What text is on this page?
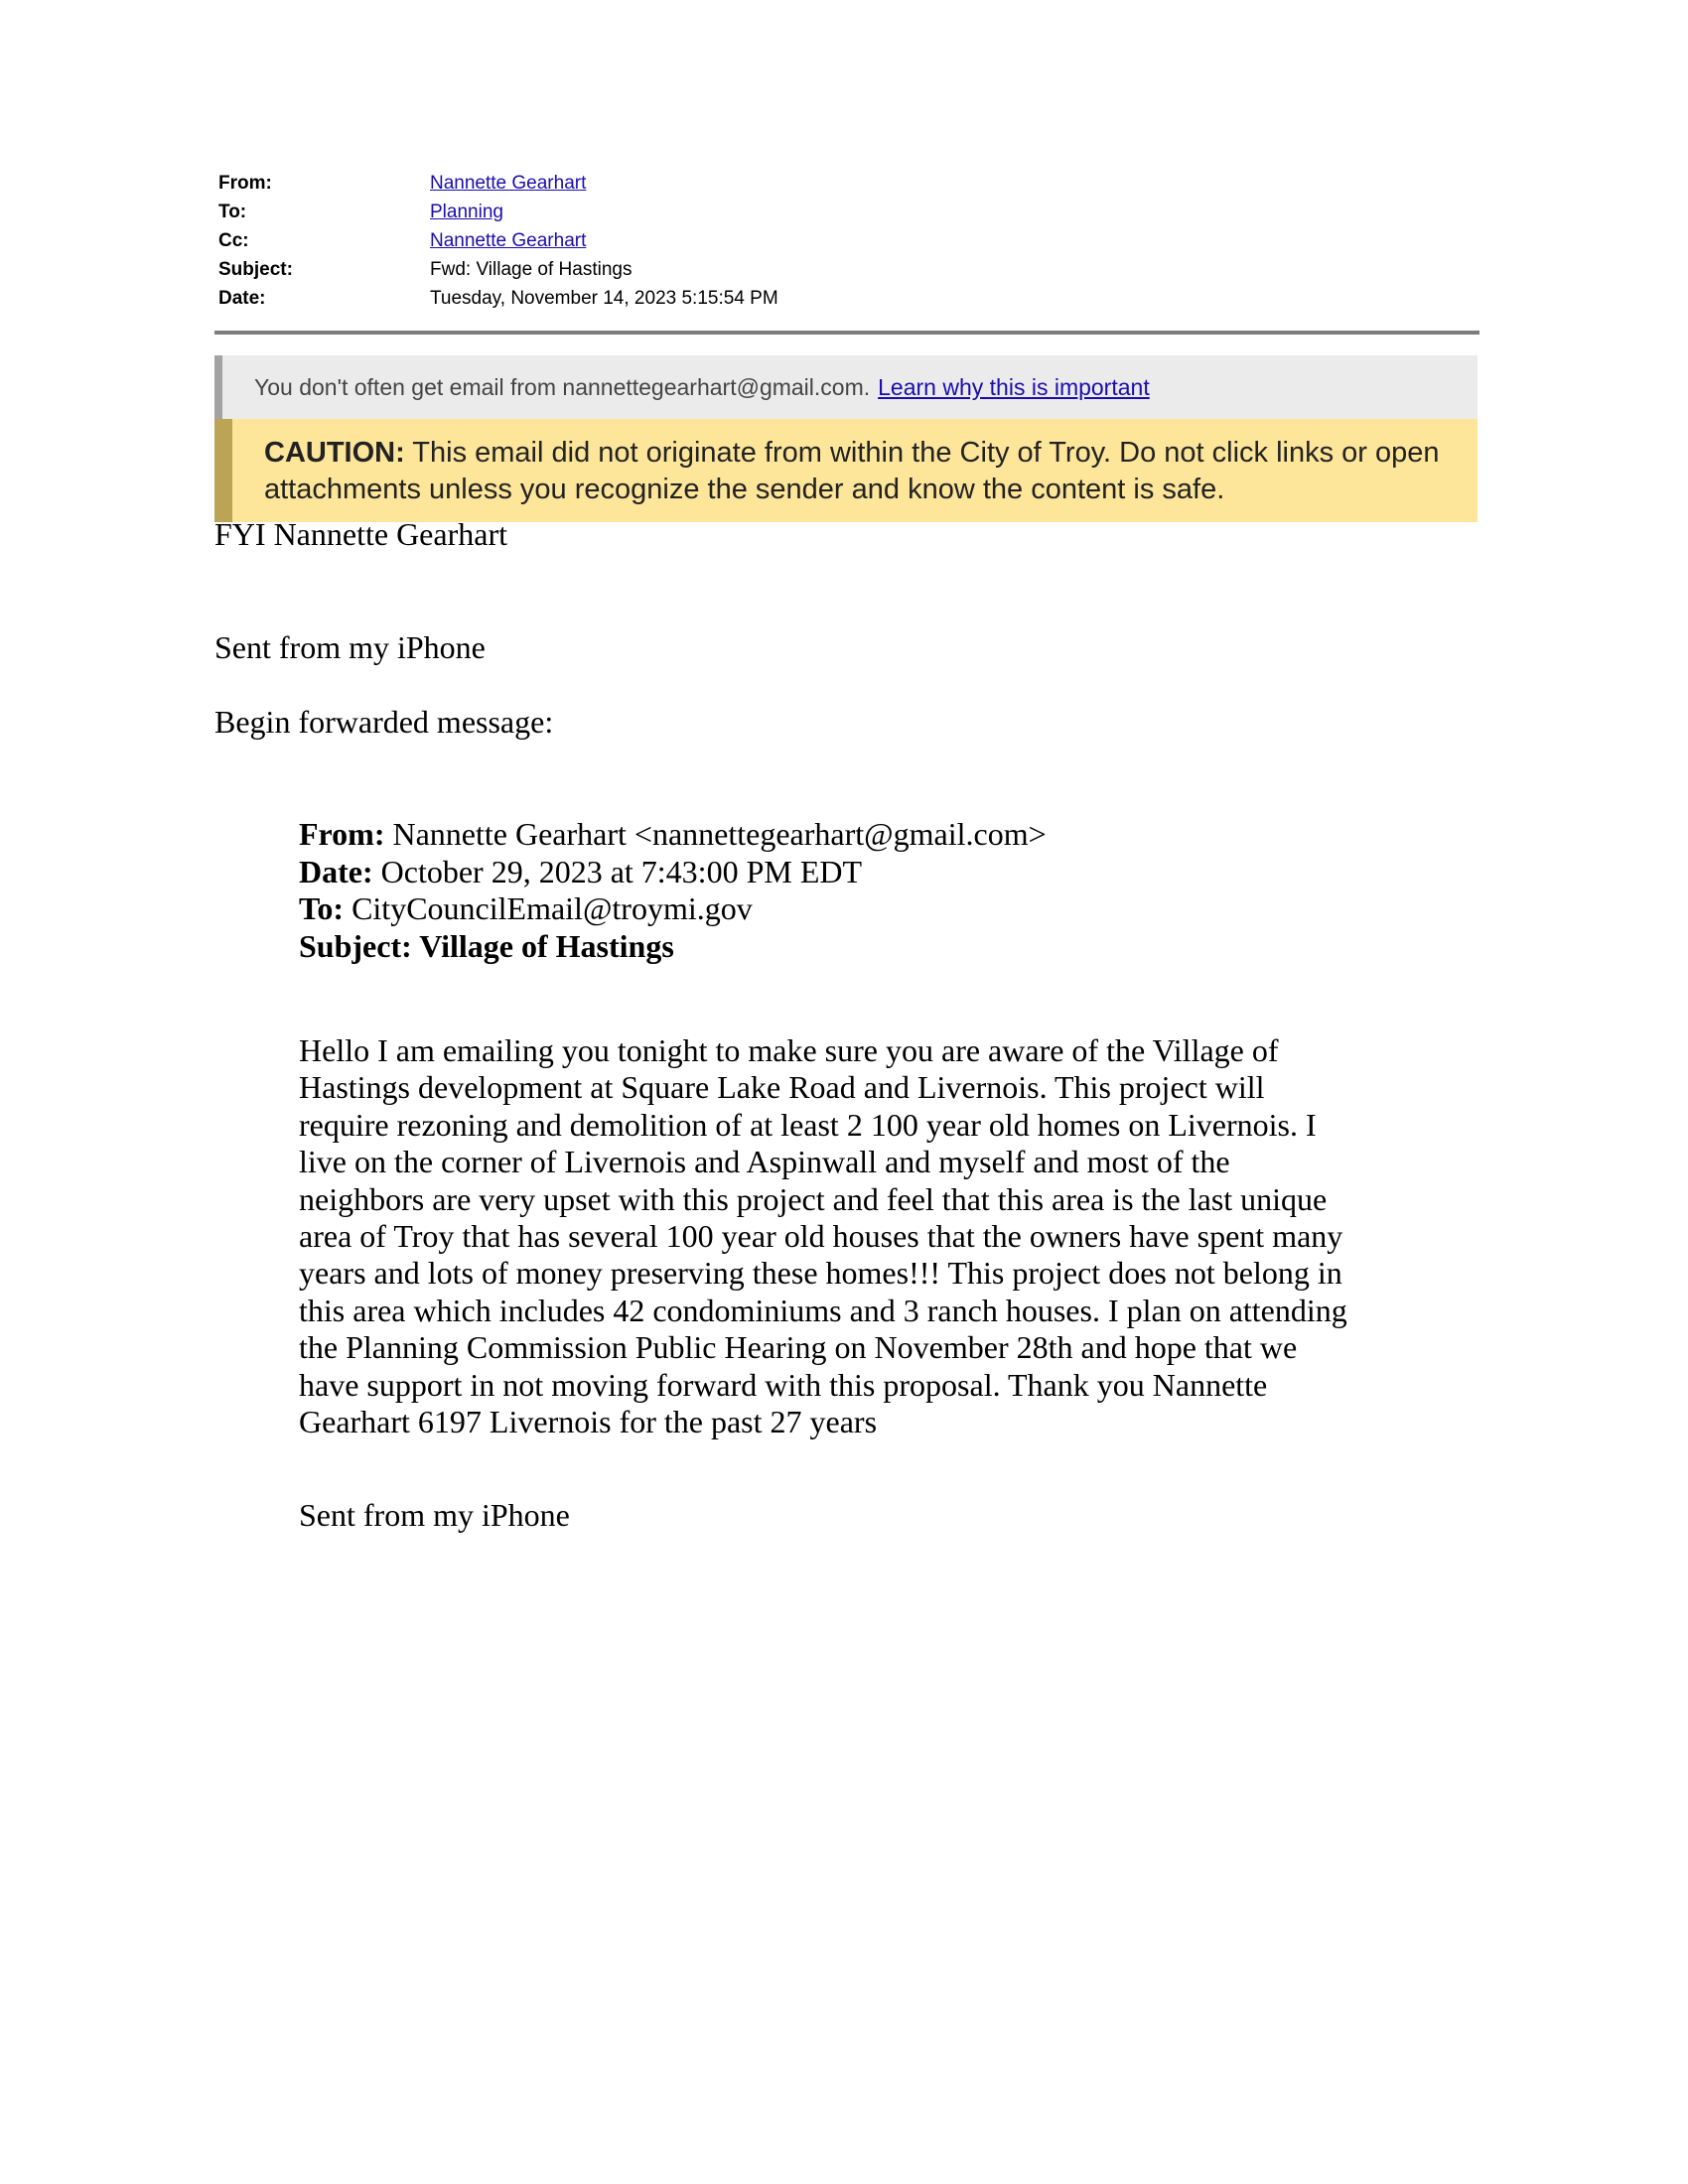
From:	Nannette Gearhart
To:	Planning
Cc:	Nannette Gearhart
Subject:	Fwd: Village of Hastings
Date:	Tuesday, November 14, 2023 5:15:54 PM
You don't often get email from nannettegearhart@gmail.com. Learn why this is important
CAUTION: This email did not originate from within the City of Troy. Do not click links or open attachments unless you recognize the sender and know the content is safe.
FYI Nannette Gearhart
Sent from my iPhone
Begin forwarded message:
From: Nannette Gearhart <nannettegearhart@gmail.com>
Date: October 29, 2023 at 7:43:00 PM EDT
To: CityCouncilEmail@troymi.gov
Subject: Village of Hastings
Hello I am emailing you tonight to make sure you are aware of the Village of
Hastings development at Square Lake Road and Livernois. This project will
require rezoning and demolition of at least 2 100 year old homes on Livernois. I
live on the corner of Livernois and Aspinwall and myself and most of the
neighbors are very upset with this project and feel that this area is the last unique
area of Troy that has several 100 year old houses that the owners have spent many
years and lots of money preserving these homes!!! This project does not belong in
this area which includes 42 condominiums and 3 ranch houses. I plan on attending
the Planning Commission Public Hearing on November 28th and hope that we
have support in not moving forward with this proposal. Thank you Nannette
Gearhart 6197 Livernois for the past 27 years
Sent from my iPhone
